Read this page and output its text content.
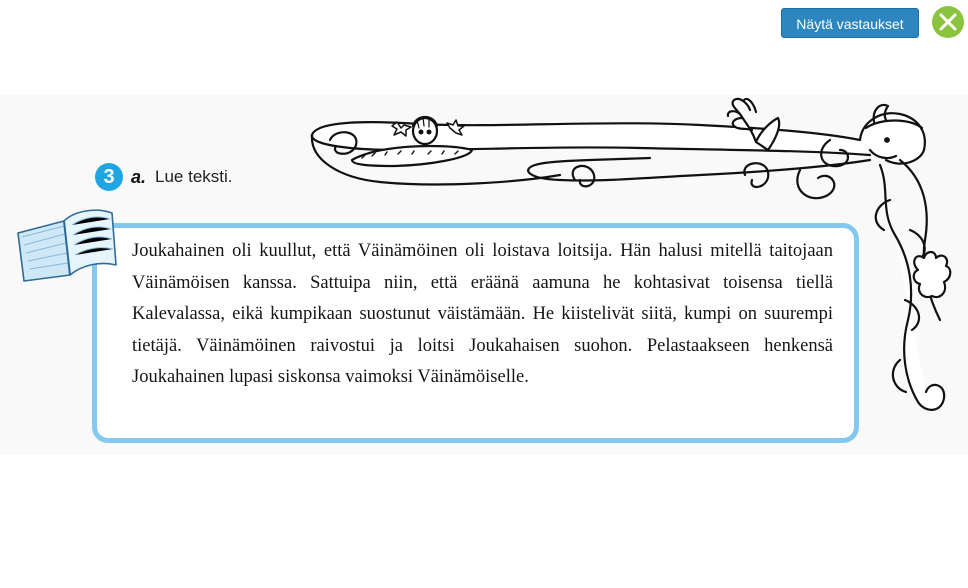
Näytä vastaukset
3 a. Lue teksti.

Joukahainen oli kuullut, että Väinämöinen oli loistava loitsija. Hän halusi mitellä taitojaan Väinämöisen kanssa. Sattuipa niin, että eräänä aamuna he kohtasivat toisensa tiellä Kalevalassa, eikä kumpikaan suostunut väistämään. He kiistelivät siitä, kumpi on suurempi tietäjä. Väinämöinen raivostui ja loitsi Joukahaisen suohon. Pelastaakseen henkensä Joukahainen lupasi siskonsa vaimoksi Väinämöiselle.
